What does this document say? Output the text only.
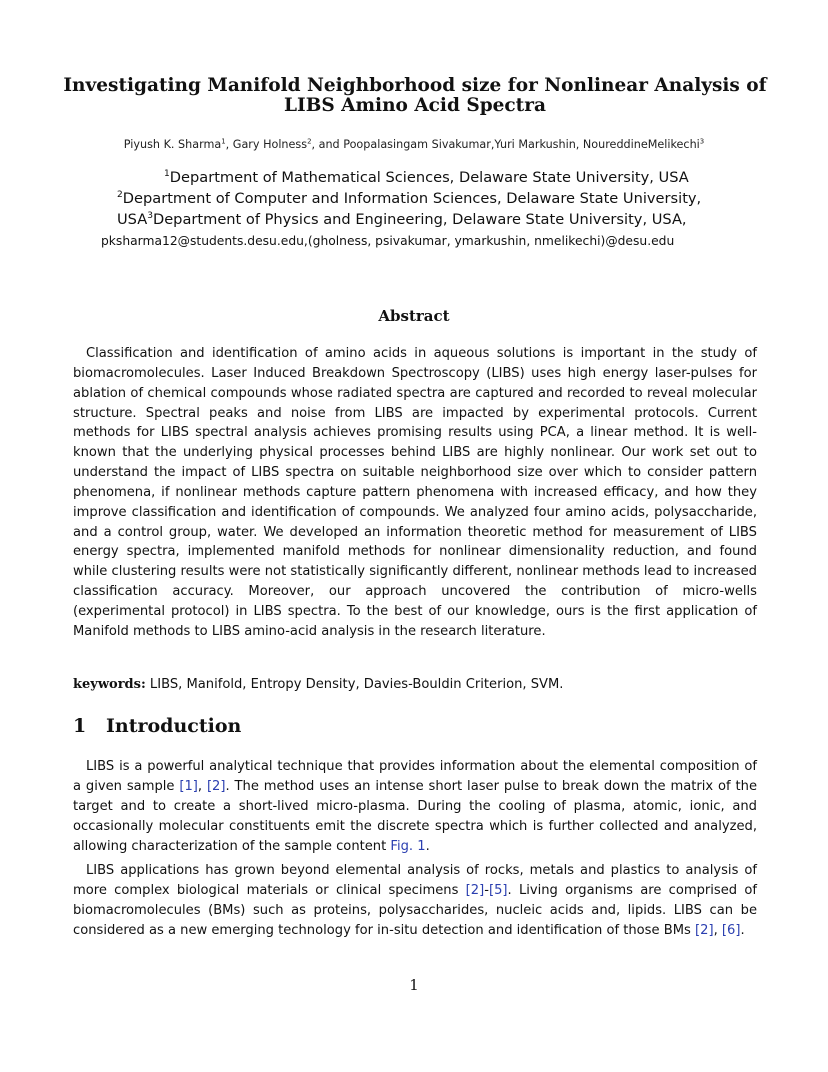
Investigating Manifold Neighborhood size for Nonlinear Analysis of
LIBS Amino Acid Spectra
Piyush K. Sharma$^1$, Gary Holness$^2$, and Poopalasingam Sivakumar,Yuri Markushin, NoureddineMelikechi$^3$
$^1$Department of Mathematical Sciences, Delaware State University, USA
$^2$Department of Computer and Information Sciences, Delaware State University,
USA$^3$Department of Physics and Engineering, Delaware State University, USA,
pksharma12@students.desu.edu,(gholness, psivakumar, ymarkushin, nmelikechi)@desu.edu
Abstract

Classification and identification of amino acids in aqueous solutions is important in the study of biomacromolecules. Laser Induced Breakdown Spectroscopy (LIBS) uses high energy laser-pulses for ablation of chemical compounds whose radiated spectra are captured and recorded to reveal molecular structure. Spectral peaks and noise from LIBS are impacted by experimental protocols. Current methods for LIBS spectral analysis achieves promising results using PCA, a linear method. It is well-known that the underlying physical processes behind LIBS are highly nonlinear. Our work set out to understand the impact of LIBS spectra on suitable neighborhood size over which to consider pattern phenomena, if nonlinear methods capture pattern phenomena with increased efficacy, and how they improve classification and identification of compounds. We analyzed four amino acids, polysaccharide, and a control group, water. We developed an information theoretic method for measurement of LIBS energy spectra, implemented manifold methods for nonlinear dimensionality reduction, and found while clustering results were not statistically significantly different, nonlinear methods lead to increased classification accuracy. Moreover, our approach uncovered the contribution of micro-wells (experimental protocol) in LIBS spectra. To the best of our knowledge, ours is the first application of Manifold methods to LIBS amino-acid analysis in the research literature.

keywords: LIBS, Manifold, Entropy Density, Davies-Bouldin Criterion, SVM.
1 Introduction

LIBS is a powerful analytical technique that provides information about the elemental composition of a given sample [1], [2]. The method uses an intense short laser pulse to break down the matrix of the target and to create a short-lived micro-plasma. During the cooling of plasma, atomic, ionic, and occasionally molecular constituents emit the discrete spectra which is further collected and analyzed, allowing characterization of the sample content Fig. 1.

LIBS applications has grown beyond elemental analysis of rocks, metals and plastics to analysis of more complex biological materials or clinical specimens [2]-[5]. Living organisms are comprised of biomacromolecules (BMs) such as proteins, polysaccharides, nucleic acids and, lipids. LIBS can be considered as a new emerging technology for in-situ detection and identification of those BMs [2], [6].

1
